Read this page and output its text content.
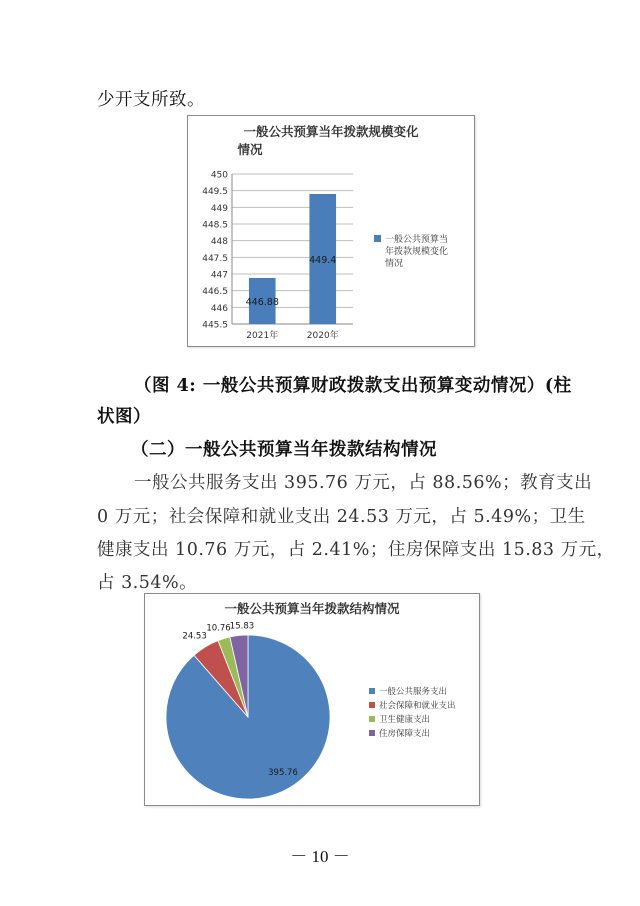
少开支所致。
一般公共预算当年拨款规模变化
情况
445.5
446
446.5
447
447.5
448
448.5
449
449.5
450
446.88
2021年
449.4
2020年
一般公共预算当
年拨款规模变化
情况
（图 4: 一般公共预算财政拨款支出预算变动情况）(柱
状图）
（二）一般公共预算当年拨款结构情况
一般公共服务支出 395.76 万元，占 88.56%；教育支出
0 万元；社会保障和就业支出 24.53 万元，占 5.49%；卫生
健康支出 10.76 万元，占 2.41%；住房保障支出 15.83 万元，
占 3.54%。
一般公共预算当年拨款结构情况
395.76
24.53
10.76 15.83
一般公共服务支出
社会保障和就业支出
卫生健康支出
住房保障支出
－ 10 －
